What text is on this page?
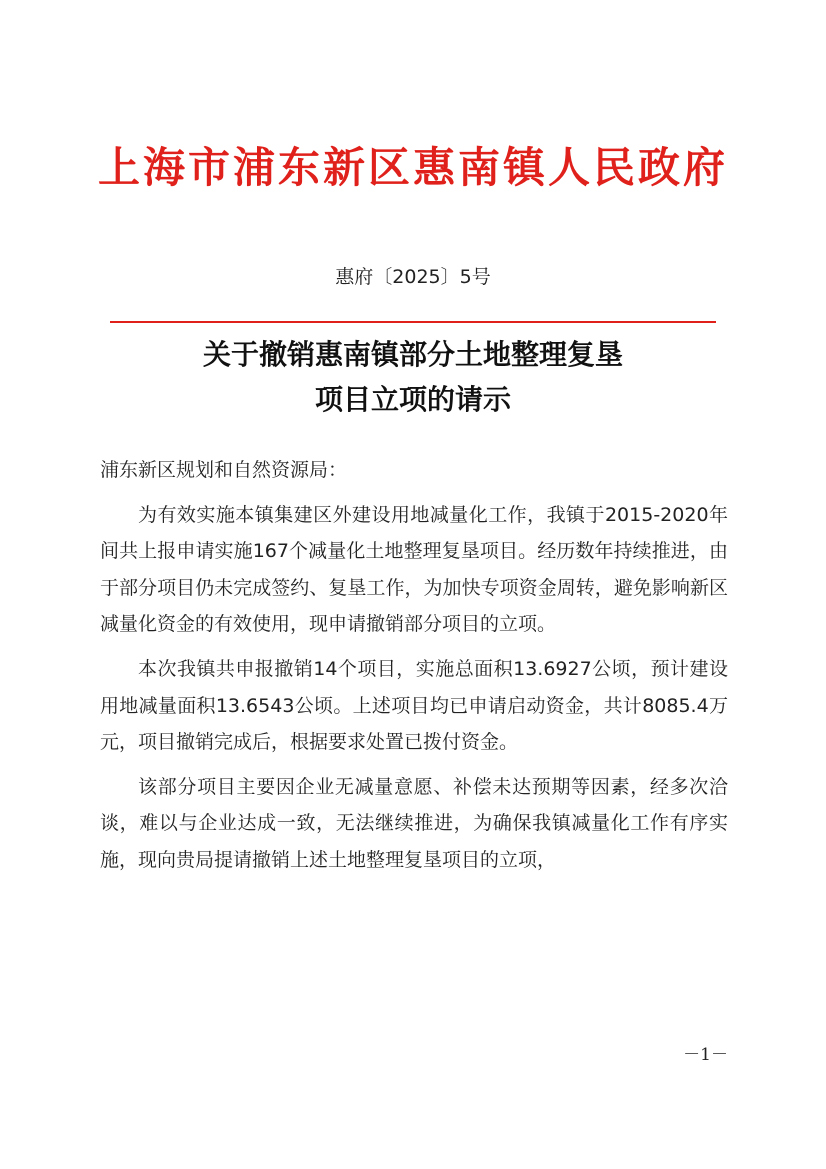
上海市浦东新区惠南镇人民政府
惠府〔2025〕5号
关于撤销惠南镇部分土地整理复垦
项目立项的请示

浦东新区规划和自然资源局：

为有效实施本镇集建区外建设用地减量化工作，我镇于2015-2020年间共上报申请实施167个减量化土地整理复垦项目。经历数年持续推进，由于部分项目仍未完成签约、复垦工作，为加快专项资金周转，避免影响新区减量化资金的有效使用，现申请撤销部分项目的立项。

本次我镇共申报撤销14个项目，实施总面积13.6927公顷，预计建设用地减量面积13.6543公顷。上述项目均已申请启动资金，共计8085.4万元，项目撤销完成后，根据要求处置已拨付资金。

该部分项目主要因企业无减量意愿、补偿未达预期等因素，经多次洽谈，难以与企业达成一致，无法继续推进，为确保我镇减量化工作有序实施，现向贵局提请撤销上述土地整理复垦项目的立项，

－1－
